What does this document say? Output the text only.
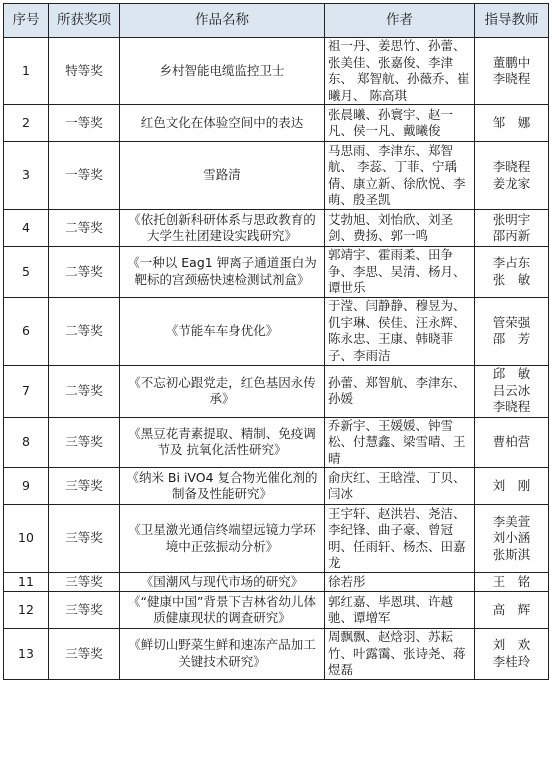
序号	所获奖项	作品名称	作者	指导教师
1	特等奖	乡村智能电缆监控卫士	祖一丹、姜思竹、孙蕾、张美佳、张嘉俊、李津东、 郑智航、孙薇乔、崔曦月、 陈高琪	董鹏中
李晓程

2	一等奖	红色文化在体验空间中的表达	张晨曦、孙寰宇、赵一凡、侯一凡、戴曦俊	邹　娜

3	一等奖	雪路清	马思雨、李津东、郑智航、 李蕊、丁菲、宁瑀倩、康立新、徐欣悦、李萌、殷圣凯	李晓程
姜龙家

4	二等奖	《依托创新科研体系与思政教育的大学生社团建设实践研究》	艾勃旭、刘怡欣、刘圣剑、费扬、郭一鸣	张明宇
邵丙新

5	二等奖	《一种以 Eag1 钾离子通道蛋白为靶标的宫颈癌快速检测试剂盒》	郭靖宇、霍雨柔、田争争、李思、吴清、杨月、谭世乐	李占东
张　敏

6	二等奖	《节能车车身优化》	于滢、闫静静、穆昱为、仉宇琳、侯佳、汪永辉、陈永忠、王康、韩晓菲子、李雨洁	管荣强
邵　芳

7	二等奖	《不忘初心跟党走，红色基因永传承》	孙蕾、郑智航、李津东、孙媛	邱　敏
吕云冰
李晓程

8	三等奖	《黑豆花青素提取、精制、免疫调节及 抗氧化活性研究》	乔新宇、王媛媛、钟雪松、付慧鑫、梁雪晴、王晴	曹柏营

9	三等奖	《纳米 Bi iVO4 复合物光催化剂的制备及性能研究》	俞庆红、王晗滢、丁贝、闫冰	刘　刚

10	三等奖	《卫星激光通信终端望远镜力学环境中正弦振动分析》	王宇轩、赵洪岩、尧洁、李纪锋、曲子豪、曾冠明、任雨轩、杨杰、田嘉龙	李美萱
刘小涵
张斯淇

11	三等奖	《国潮风与现代市场的研究》	徐若彤	王　铭

12	三等奖	《“健康中国”背景下吉林省幼儿体质健康现状的调查研究》	郭红嘉、毕恩琪、许越驰、谭增军	高　辉

13	三等奖	《鲜切山野菜生鲜和速冻产品加工关键技术研究》	周飘飘、赵焓羽、苏耘竹、叶露霭、张诗尧、蒋煜磊	刘　欢
李桂玲
